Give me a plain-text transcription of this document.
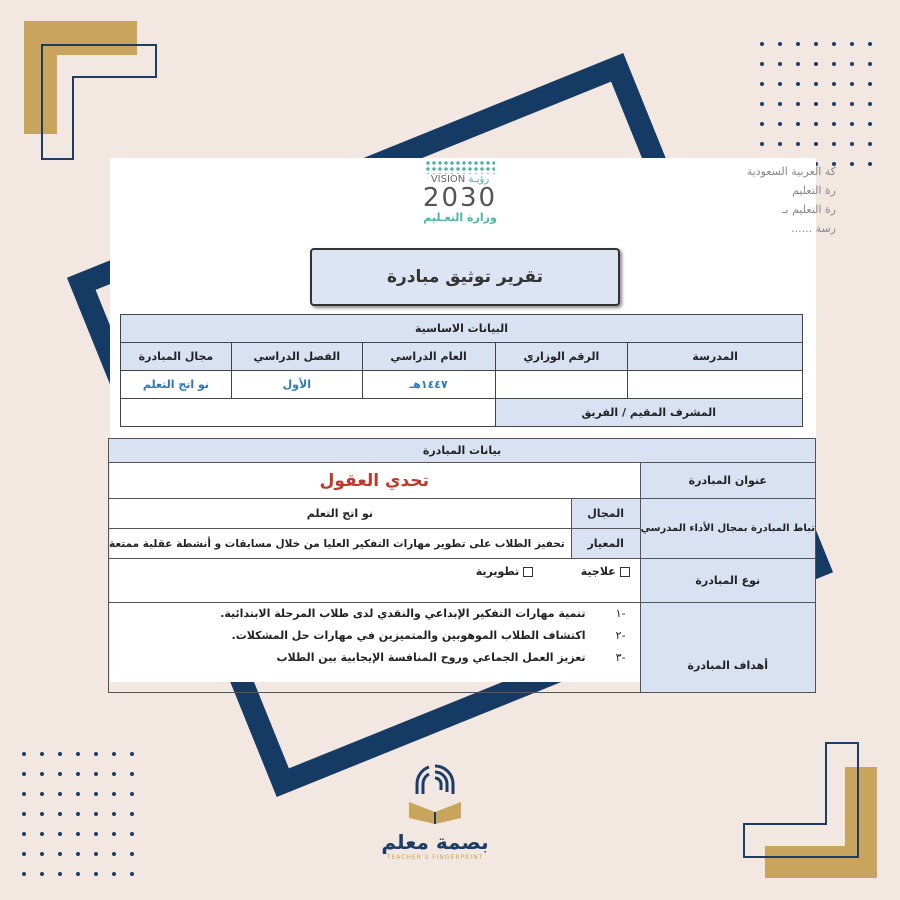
كة العربية السعودية
رة التعليم
رة التعليم بـ
رسة ......
VISION رؤيـة
2030
وزارة التعـليم
تقرير توثيق مبادرة
البيانات الاساسية				
المدرسة	الرقم الوزاري	العام الدراسي	الفصل الدراسي	مجال المبادرة
		١٤٤٧هـ	الأول	نو اتج التعلم
المشرف المقيم / الفريق				
بيانات المبادرة		
عنوان المبادرة	تحدي العقول	
تباط المبادرة بمجال الأداء المدرسي	المجال	نو اتج التعلم
	المعيار	تحفيز الطلاب على تطوير مهارات التفكير العليا من خلال مسابقات و أنشطة عقلية ممتعة
نوع المبادرة	علاجية   تطويرية	
أهداف المبادرة	-١تنمية مهارات التفكير الإبداعي والنقدي لدى طلاب المرحلة الابتدائية.
-٢اكتشاف الطلاب الموهوبين والمتميزين في مهارات حل المشكلات.
-٣تعزيز العمل الجماعي وروح المنافسة الإيجابية بين الطلاب	
بصمة معلم
TEACHER'S FINGERPRINT
